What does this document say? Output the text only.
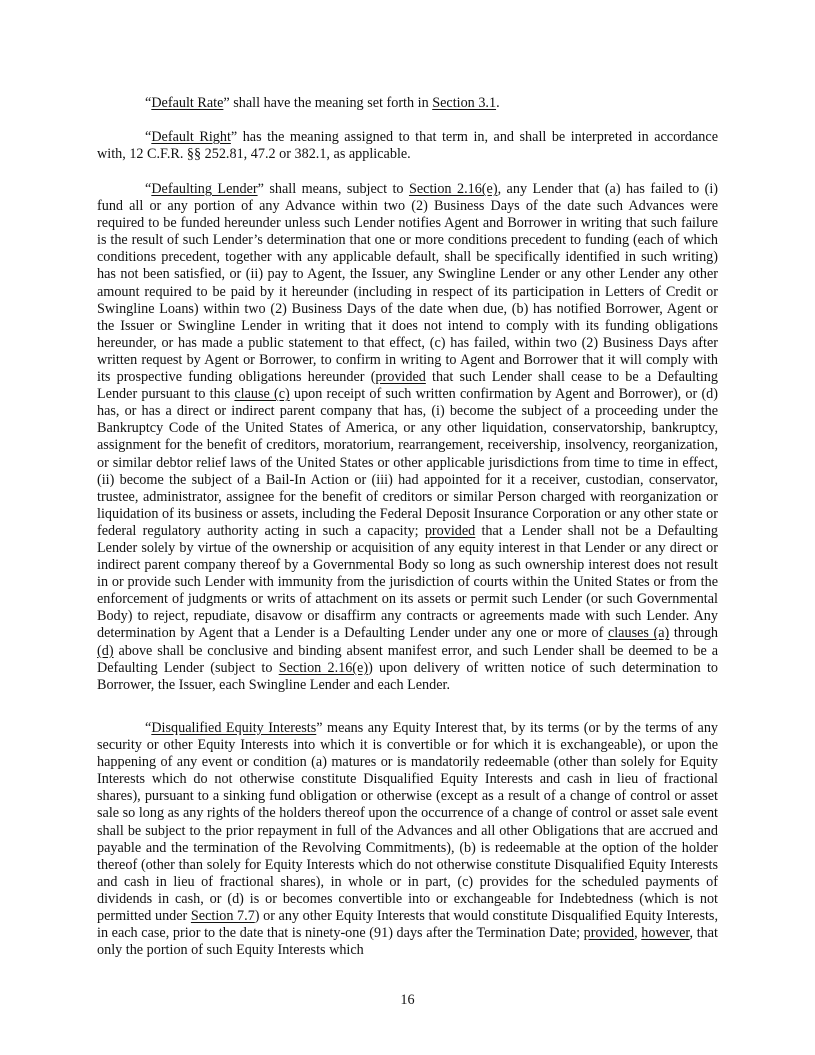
“Default Rate” shall have the meaning set forth in Section 3.1.

“Default Right” has the meaning assigned to that term in, and shall be interpreted in accordance with, 12 C.F.R. §§ 252.81, 47.2 or 382.1, as applicable.

“Defaulting Lender” shall means, subject to Section 2.16(e), any Lender that (a) has failed to (i) fund all or any portion of any Advance within two (2) Business Days of the date such Advances were required to be funded hereunder unless such Lender notifies Agent and Borrower in writing that such failure is the result of such Lender’s determination that one or more conditions precedent to funding (each of which conditions precedent, together with any applicable default, shall be specifically identified in such writing) has not been satisfied, or (ii) pay to Agent, the Issuer, any Swingline Lender or any other Lender any other amount required to be paid by it hereunder (including in respect of its participation in Letters of Credit or Swingline Loans) within two (2) Business Days of the date when due, (b) has notified Borrower, Agent or the Issuer or Swingline Lender in writing that it does not intend to comply with its funding obligations hereunder, or has made a public statement to that effect, (c) has failed, within two (2) Business Days after written request by Agent or Borrower, to confirm in writing to Agent and Borrower that it will comply with its prospective funding obligations hereunder (provided that such Lender shall cease to be a Defaulting Lender pursuant to this clause (c) upon receipt of such written confirmation by Agent and Borrower), or (d) has, or has a direct or indirect parent company that has, (i) become the subject of a proceeding under the Bankruptcy Code of the United States of America, or any other liquidation, conservatorship, bankruptcy, assignment for the benefit of creditors, moratorium, rearrangement, receivership, insolvency, reorganization, or similar debtor relief laws of the United States or other applicable jurisdictions from time to time in effect, (ii) become the subject of a Bail-In Action or (iii) had appointed for it a receiver, custodian, conservator, trustee, administrator, assignee for the benefit of creditors or similar Person charged with reorganization or liquidation of its business or assets, including the Federal Deposit Insurance Corporation or any other state or federal regulatory authority acting in such a capacity; provided that a Lender shall not be a Defaulting Lender solely by virtue of the ownership or acquisition of any equity interest in that Lender or any direct or indirect parent company thereof by a Governmental Body so long as such ownership interest does not result in or provide such Lender with immunity from the jurisdiction of courts within the United States or from the enforcement of judgments or writs of attachment on its assets or permit such Lender (or such Governmental Body) to reject, repudiate, disavow or disaffirm any contracts or agreements made with such Lender. Any determination by Agent that a Lender is a Defaulting Lender under any one or more of clauses (a) through (d) above shall be conclusive and binding absent manifest error, and such Lender shall be deemed to be a Defaulting Lender (subject to Section 2.16(e)) upon delivery of written notice of such determination to Borrower, the Issuer, each Swingline Lender and each Lender.

“Disqualified Equity Interests” means any Equity Interest that, by its terms (or by the terms of any security or other Equity Interests into which it is convertible or for which it is exchangeable), or upon the happening of any event or condition (a) matures or is mandatorily redeemable (other than solely for Equity Interests which do not otherwise constitute Disqualified Equity Interests and cash in lieu of fractional shares), pursuant to a sinking fund obligation or otherwise (except as a result of a change of control or asset sale so long as any rights of the holders thereof upon the occurrence of a change of control or asset sale event shall be subject to the prior repayment in full of the Advances and all other Obligations that are accrued and payable and the termination of the Revolving Commitments), (b) is redeemable at the option of the holder thereof (other than solely for Equity Interests which do not otherwise constitute Disqualified Equity Interests and cash in lieu of fractional shares), in whole or in part, (c) provides for the scheduled payments of dividends in cash, or (d) is or becomes convertible into or exchangeable for Indebtedness (which is not permitted under Section 7.7) or any other Equity Interests that would constitute Disqualified Equity Interests, in each case, prior to the date that is ninety-one (91) days after the Termination Date; provided, however, that only the portion of such Equity Interests which

16
